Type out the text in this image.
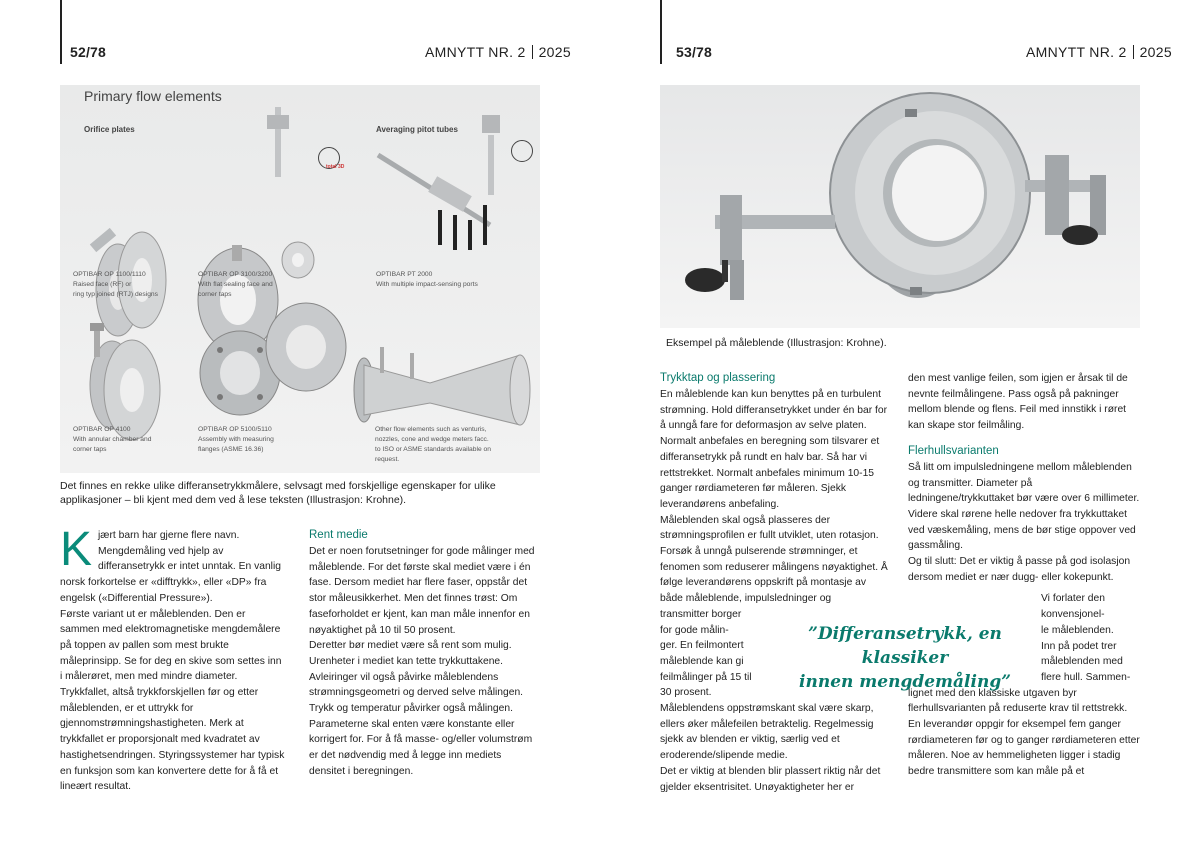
52/78	AMNYTT NR. 2 2025
Primary flow elements
Orifice plates	Averaging pitot tubes
total 3D
OPTIBAR OP 1100/1110
Raised face (RF) or
ring typ joined (RTJ) designs
OPTIBAR OP 3100/3200
With flat sealing face and
corner taps
OPTIBAR PT 2000
With multiple impact-sensing ports
OPTIBAR OP 4100
With annular chamber and
corner taps
OPTIBAR OP 5100/5110
Assembly with measuring
flanges (ASME 16.36)
Other flow elements such as venturis,
nozzles, cone and wedge meters facc.
to ISO or ASME standards available on
request.
Det finnes en rekke ulike differansetrykkmålere, selvsagt med forskjellige egenskaper for ulike applikasjoner – bli kjent med dem ved å lese teksten (Illustrasjon: Krohne).
K jært barn har gjerne flere navn. Mengdemåling ved hjelp av differansetrykk er intet unntak. En vanlig norsk forkortelse er «difftrykk», eller «DP» fra engelsk («Differential Pressure»).

Første variant ut er måleblenden. Den er sammen med elektromagnetiske mengdemålere på toppen av pallen som mest brukte måleprinsipp. Se for deg en skive som settes inn i målerøret, men med mindre diameter.

Trykkfallet, altså trykkforskjellen før og etter måleblenden, er et uttrykk for gjennomstrømningshastigheten. Merk at trykkfallet er proporsjonalt med kvadratet av hastighetsendringen. Styringssystemer har typisk en funksjon som kan konvertere dette for å få et lineært resultat.

Rent medie

Det er noen forutsetninger for gode målinger med måleblende. For det første skal mediet være i én fase. Dersom mediet har flere faser, oppstår det stor måleusikkerhet. Men det finnes trøst: Om faseforholdet er kjent, kan man måle innenfor en nøyaktighet på 10 til 50 prosent.

Deretter bør mediet være så rent som mulig. Urenheter i mediet kan tette trykkuttakene. Avleiringer vil også påvirke måleblendens strømningsgeometri og derved selve målingen. Trykk og temperatur påvirker også målingen. Parameterne skal enten være konstante eller korrigert for. For å få masse- og/eller volumstrøm er det nødvendig med å legge inn mediets densitet i beregningen.

53/78	AMNYTT NR. 2 2025
Eksempel på måleblende (Illustrasjon: Krohne).
Trykktap og plassering

En måleblende kan kun benyttes på en turbulent strømning. Hold differansetrykket under én bar for å unngå fare for deformasjon av selve platen. Normalt anbefales en beregning som tilsvarer et differansetrykk på rundt en halv bar. Så har vi rettstrekket. Normalt anbefales minimum 10-15 ganger rørdiameteren før måleren. Sjekk leverandørens anbefaling.

Måleblenden skal også plasseres der strømningsprofilen er fullt utviklet, uten rotasjon. Forsøk å unngå pulserende strømninger, et fenomen som reduserer målingens nøyaktighet. Å følge leverandørens oppskrift på montasje av både måleblende, impulsledninger og

transmitter borger
for gode målin-
ger. En feilmontert
måleblende kan gi
feilmålinger på 15 til
30 prosent.

Måleblendens oppstrømskant skal være skarp, ellers øker målefeilen betraktelig. Regelmessig sjekk av blenden er viktig, særlig ved et eroderende/slipende medie.

Det er viktig at blenden blir plassert riktig når det gjelder eksentrisitet. Unøyaktigheter her er

den mest vanlige feilen, som igjen er årsak til de nevnte feilmålingene. Pass også på pakninger mellom blende og flens. Feil med innstikk i røret kan skape stor feilmåling.

Flerhullsvarianten

Så litt om impulsledningene mellom måleblenden og transmitter. Diameter på ledningene/trykkuttaket bør være over 6 millimeter. Videre skal rørene helle nedover fra trykkuttaket ved væskemåling, mens de bør stige oppover ved gassmåling.

Og til slutt: Det er viktig å passe på god isolasjon dersom mediet er nær dugg- eller kokepunkt.

Vi forlater den
konvensjonel-
le måleblenden.
Inn på podet trer
måleblenden med
flere hull. Sammen-

lignet med den klassiske utgaven byr flerhullsvarianten på reduserte krav til rettstrekk. En leverandør oppgir for eksempel fem ganger rørdiameteren før og to ganger rørdiameteren etter måleren. Noe av hemmeligheten ligger i stadig bedre transmittere som kan måle på et

”Differansetrykk, en klassiker
innen mengdemåling”
